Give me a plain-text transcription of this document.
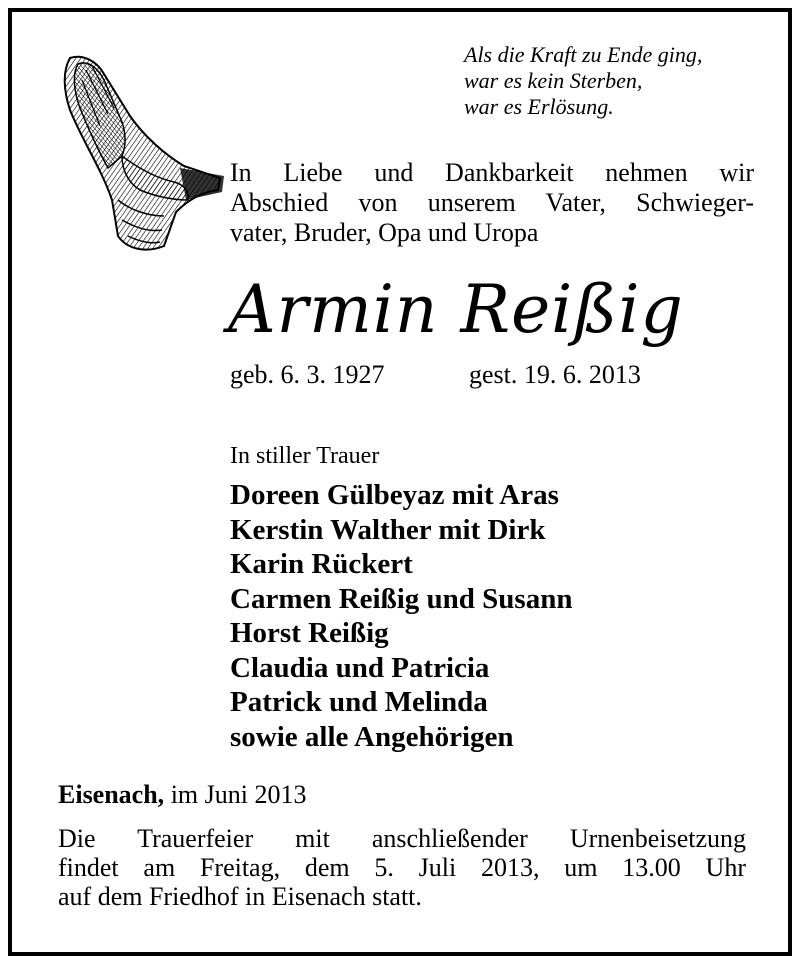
Als die Kraft zu Ende ging,
war es kein Sterben,
war es Erlösung.
In Liebe und Dankbarkeit nehmen wir
Abschied von unserem Vater, Schwieger-
vater, Bruder, Opa und Uropa
Armin Reißig
geb. 6. 3. 1927	gest. 19. 6. 2013
In stiller Trauer
Doreen Gülbeyaz mit Aras
Kerstin Walther mit Dirk
Karin Rückert
Carmen Reißig und Susann
Horst Reißig
Claudia und Patricia
Patrick und Melinda
sowie alle Angehörigen
Eisenach, im Juni 2013
Die Trauerfeier mit anschließender Urnenbeisetzung
findet am Freitag, dem 5. Juli 2013, um 13.00 Uhr
auf dem Friedhof in Eisenach statt.
